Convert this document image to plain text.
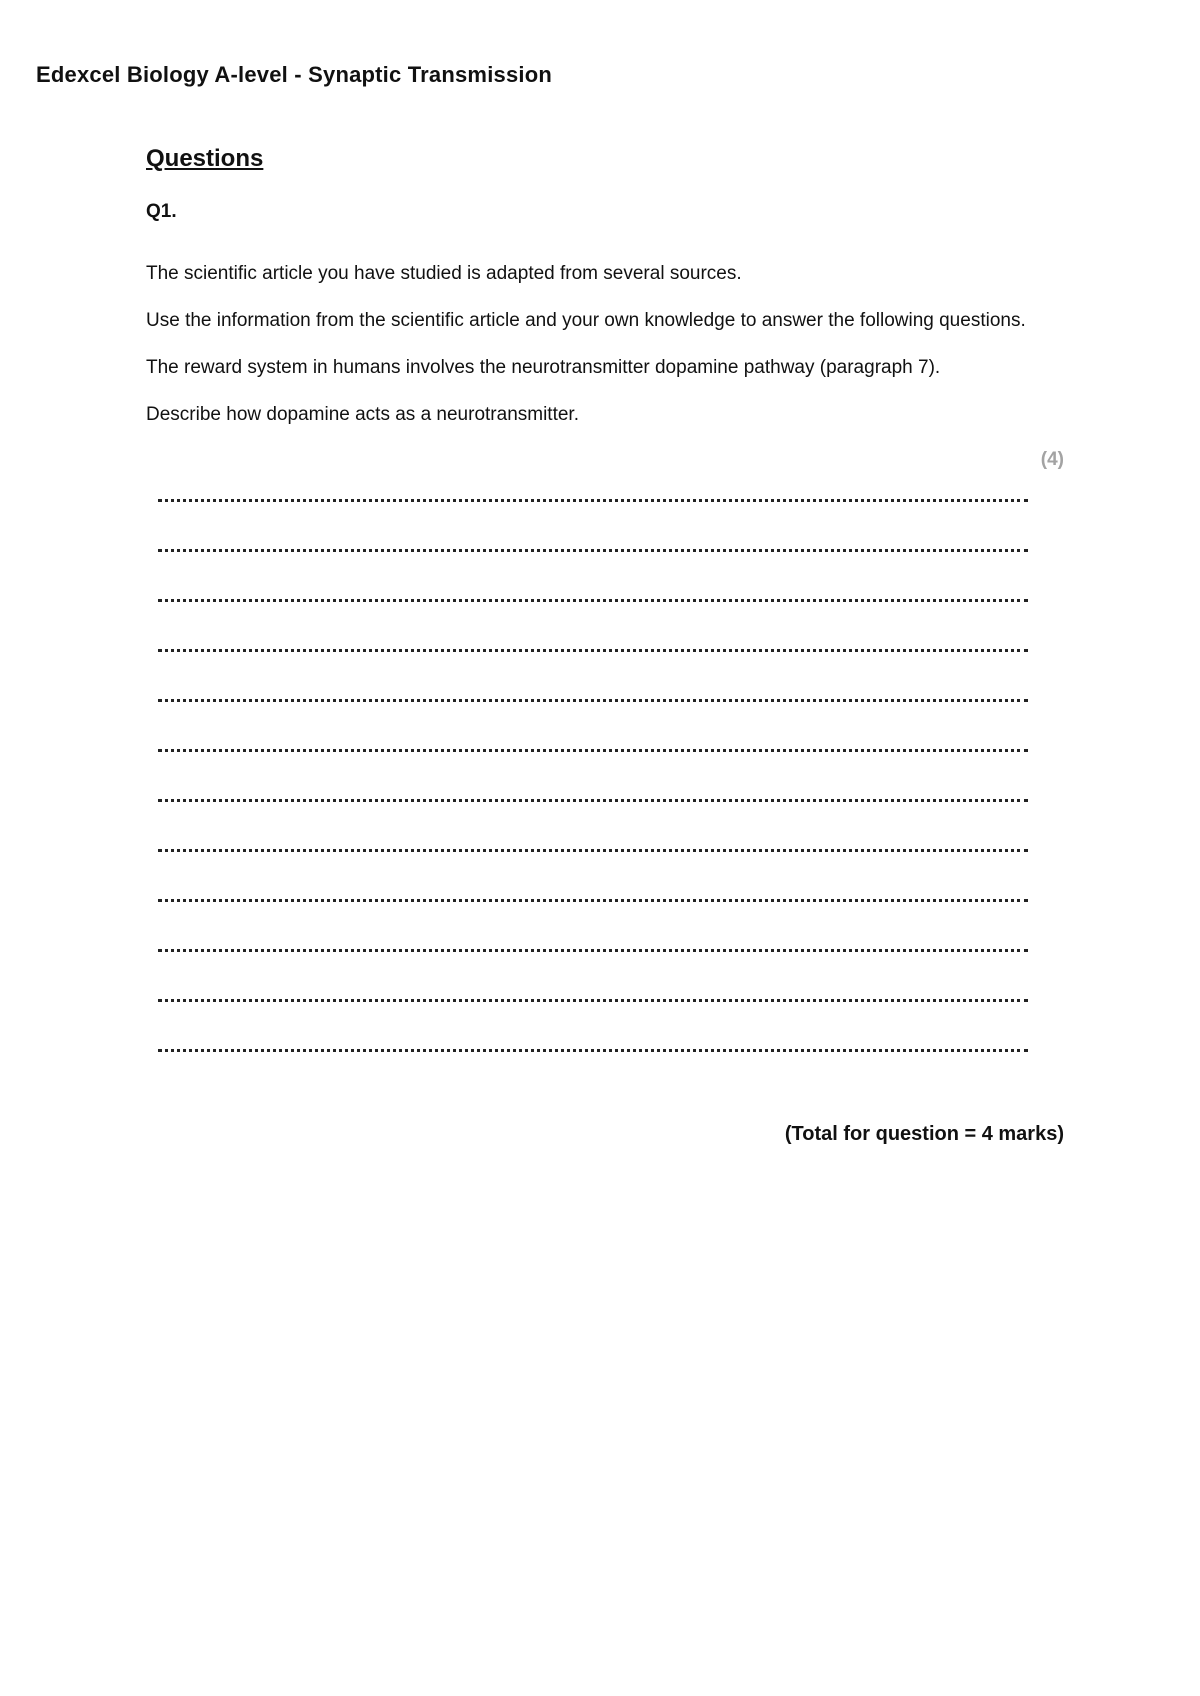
Edexcel Biology A-level - Synaptic Transmission
Questions
Q1.

The scientific article you have studied is adapted from several sources.

Use the information from the scientific article and your own knowledge to answer the following questions.

The reward system in humans involves the neurotransmitter dopamine pathway (paragraph 7).

Describe how dopamine acts as a neurotransmitter.

(4)
(Total for question = 4 marks)
